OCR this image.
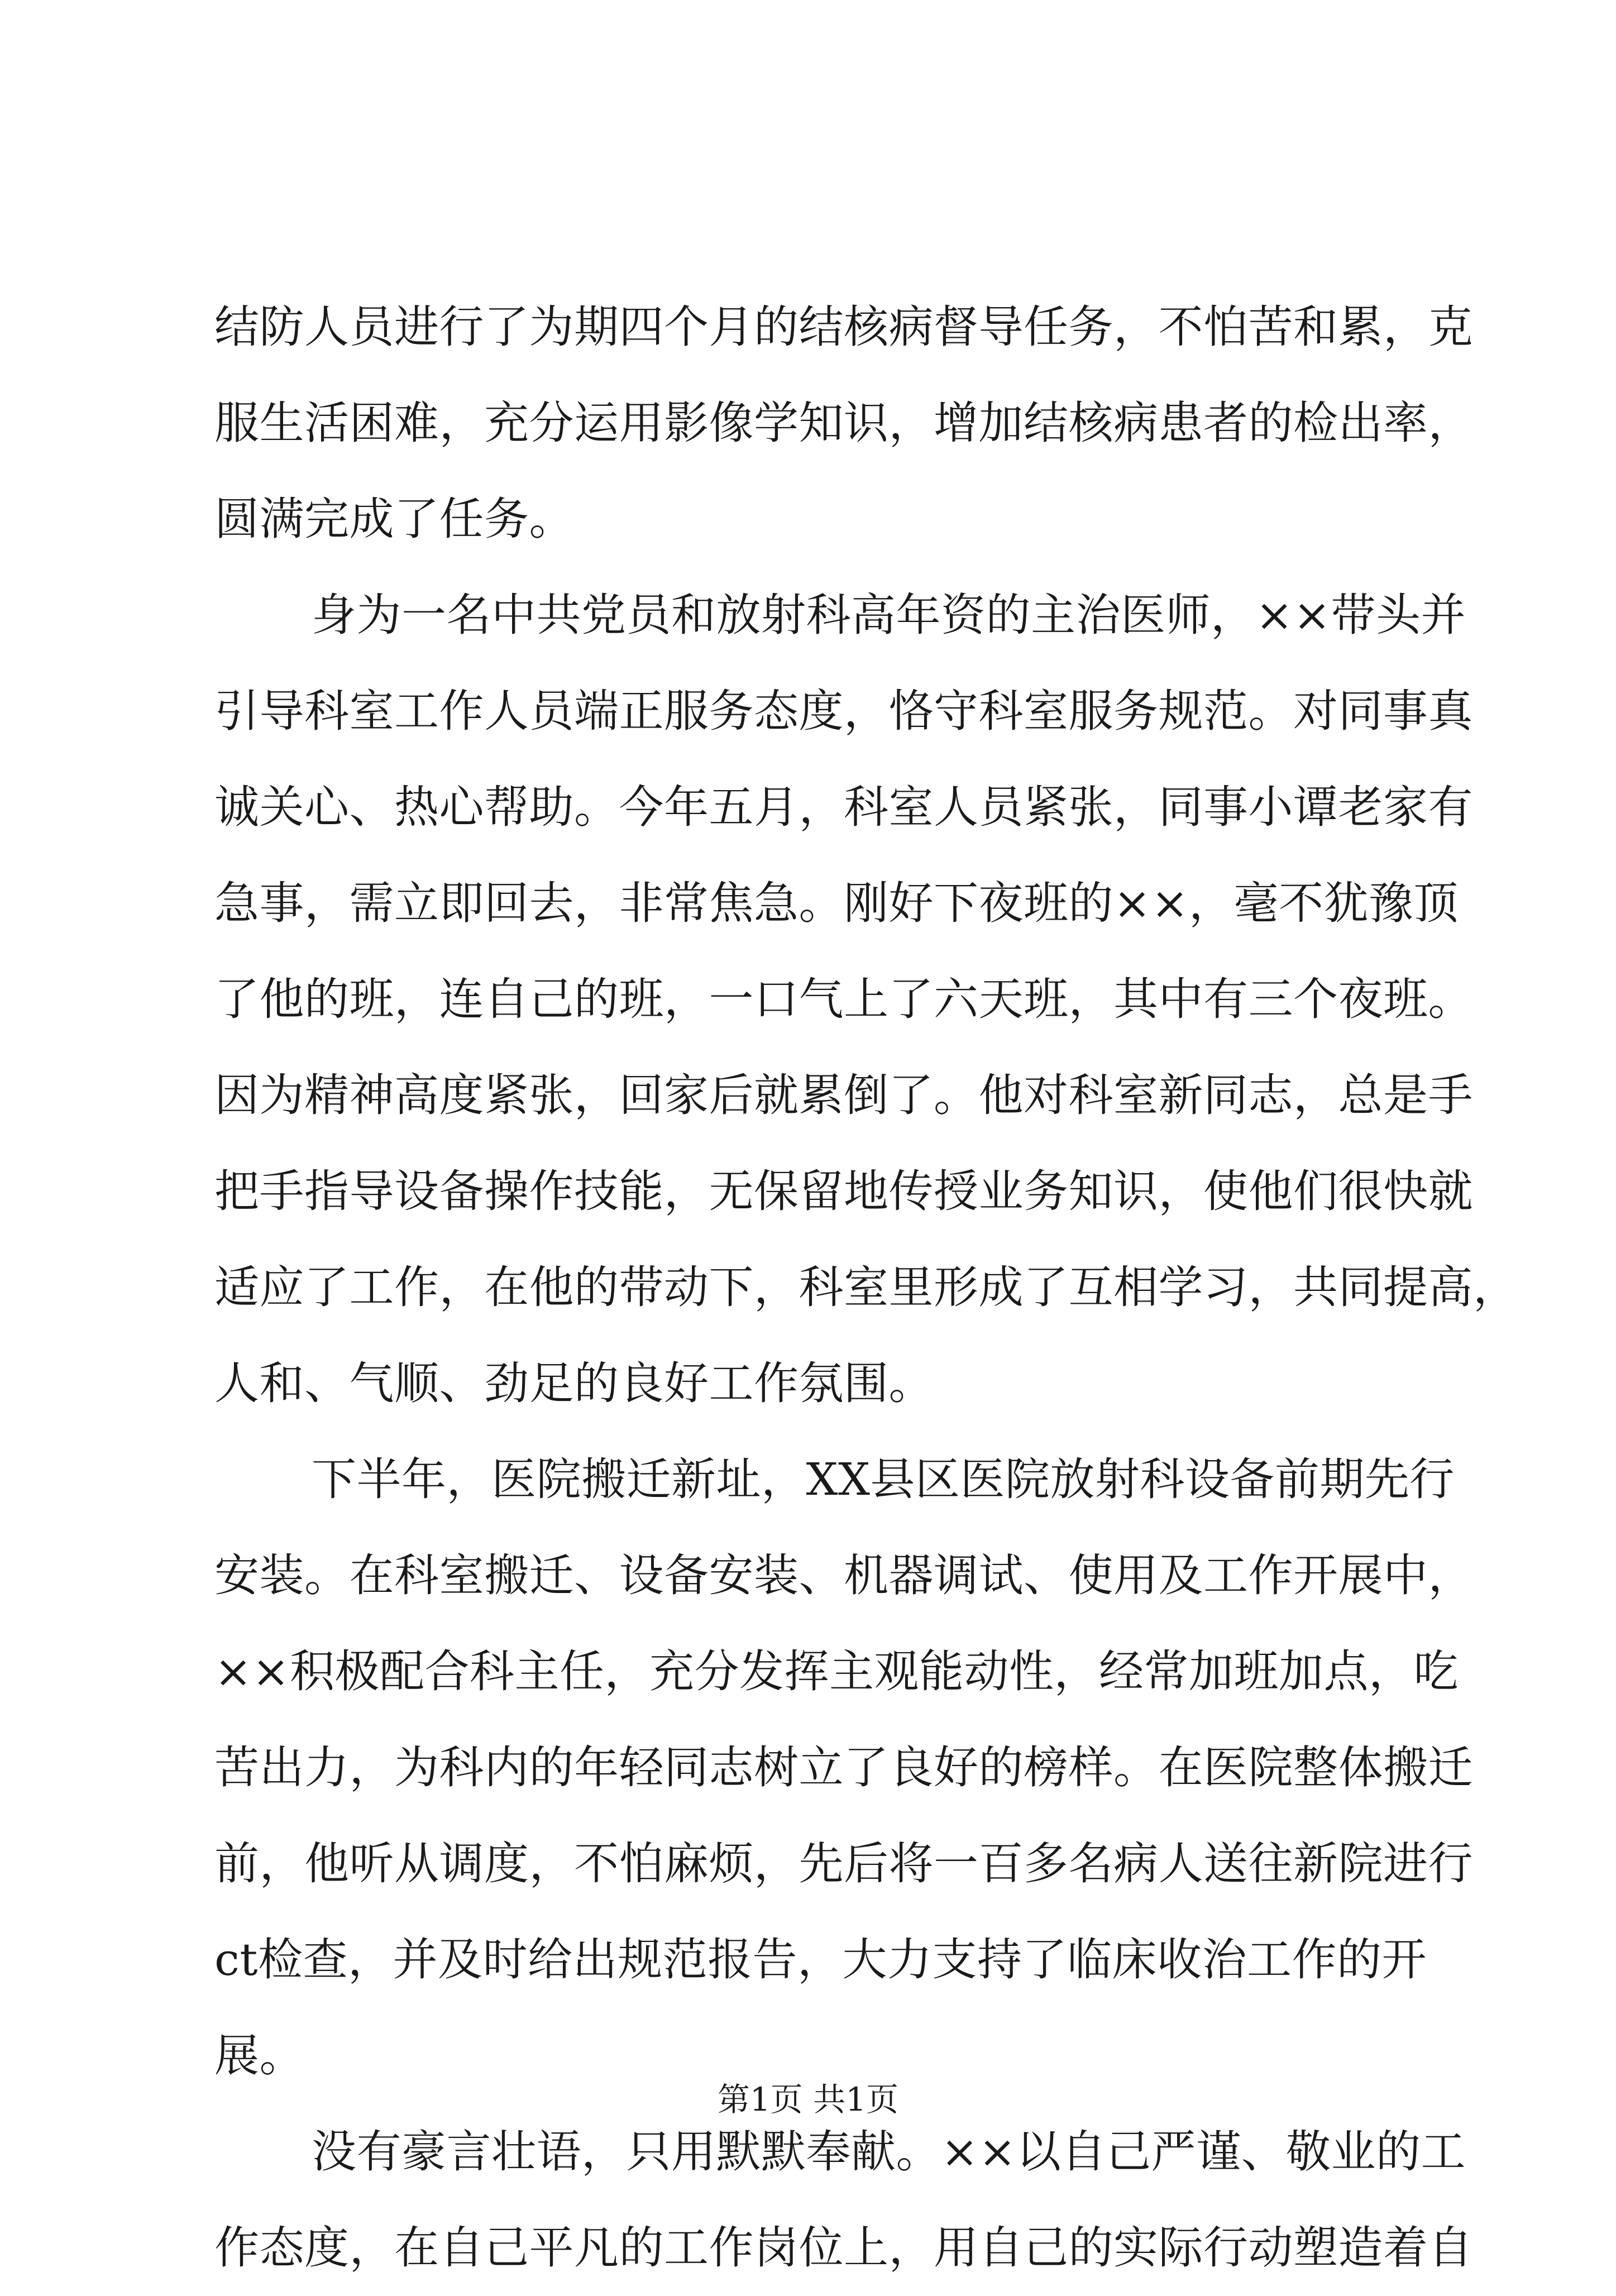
结防人员进行了为期四个月的结核病督导任务，不怕苦和累，克
服生活困难，充分运用影像学知识，增加结核病患者的检出率，
圆满完成了任务。
身为一名中共党员和放射科高年资的主治医师，××带头并
引导科室工作人员端正服务态度，恪守科室服务规范。对同事真
诚关心、热心帮助。今年五月，科室人员紧张，同事小谭老家有
急事，需立即回去，非常焦急。刚好下夜班的××，毫不犹豫顶
了他的班，连自己的班，一口气上了六天班，其中有三个夜班。
因为精神高度紧张，回家后就累倒了。他对科室新同志，总是手
把手指导设备操作技能，无保留地传授业务知识，使他们很快就
适应了工作，在他的带动下，科室里形成了互相学习，共同提高，
人和、气顺、劲足的良好工作氛围。
下半年，医院搬迁新址，XX县区医院放射科设备前期先行
安装。在科室搬迁、设备安装、机器调试、使用及工作开展中，
××积极配合科主任，充分发挥主观能动性，经常加班加点，吃
苦出力，为科内的年轻同志树立了良好的榜样。在医院整体搬迁
前，他听从调度，不怕麻烦，先后将一百多名病人送往新院进行
ct检查，并及时给出规范报告，大力支持了临床收治工作的开
展。
没有豪言壮语，只用默默奉献。××以自己严谨、敬业的工
作态度，在自己平凡的工作岗位上，用自己的实际行动塑造着自
第1页 共1页
